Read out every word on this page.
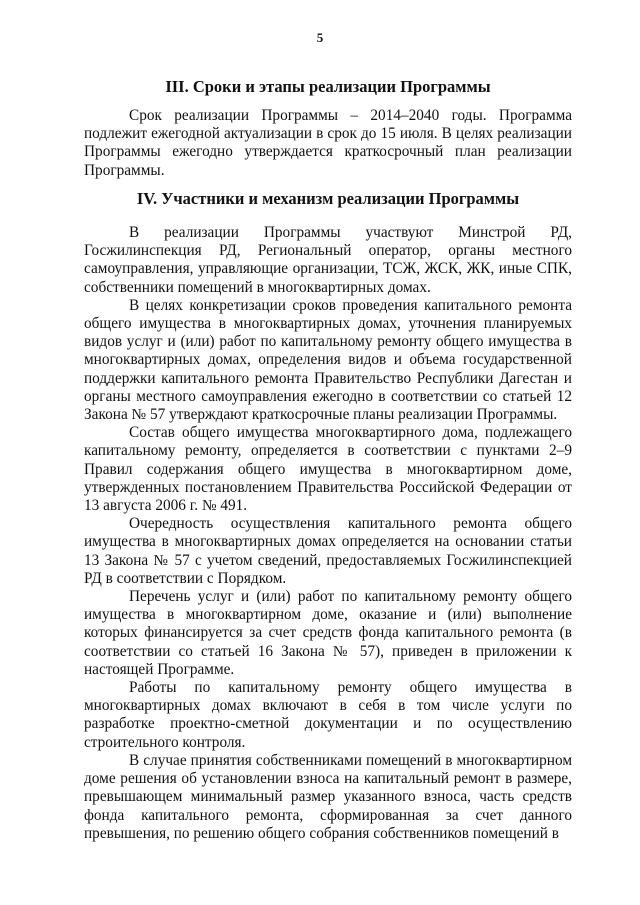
5
III. Сроки и этапы реализации Программы

Срок реализации Программы – 2014–2040 годы. Программа подлежит ежегодной актуализации в срок до 15 июля. В целях реализации Программы ежегодно утверждается краткосрочный план реализации Программы.

IV. Участники и механизм реализации Программы

В реализации Программы участвуют Минстрой РД, Госжилинспекция РД, Региональный оператор, органы местного самоуправления, управляющие организации, ТСЖ, ЖСК, ЖК, иные СПК, собственники помещений в многоквартирных домах.

В целях конкретизации сроков проведения капитального ремонта общего имущества в многоквартирных домах, уточнения планируемых видов услуг и (или) работ по капитальному ремонту общего имущества в многоквартирных домах, определения видов и объема государственной поддержки капитального ремонта Правительство Республики Дагестан и органы местного самоуправления ежегодно в соответствии со статьей 12 Закона № 57 утверждают краткосрочные планы реализации Программы.

Состав общего имущества многоквартирного дома, подлежащего капитальному ремонту, определяется в соответствии с пунктами 2–9 Правил содержания общего имущества в многоквартирном доме, утвержденных постановлением Правительства Российской Федерации от 13 августа 2006 г. № 491.

Очередность осуществления капитального ремонта общего имущества в многоквартирных домах определяется на основании статьи 13 Закона № 57 с учетом сведений, предоставляемых Госжилинспекцией РД в соответствии с Порядком.

Перечень услуг и (или) работ по капитальному ремонту общего имущества в многоквартирном доме, оказание и (или) выполнение которых финансируется за счет средств фонда капитального ремонта (в соответствии со статьей 16 Закона № 57), приведен в приложении к настоящей Программе.

Работы по капитальному ремонту общего имущества в многоквартирных домах включают в себя в том числе услуги по разработке проектно-сметной документации и по осуществлению строительного контроля.

В случае принятия собственниками помещений в многоквартирном доме решения об установлении взноса на капитальный ремонт в размере, превышающем минимальный размер указанного взноса, часть средств фонда капитального ремонта, сформированная за счет данного превышения, по решению общего собрания собственников помещений в
